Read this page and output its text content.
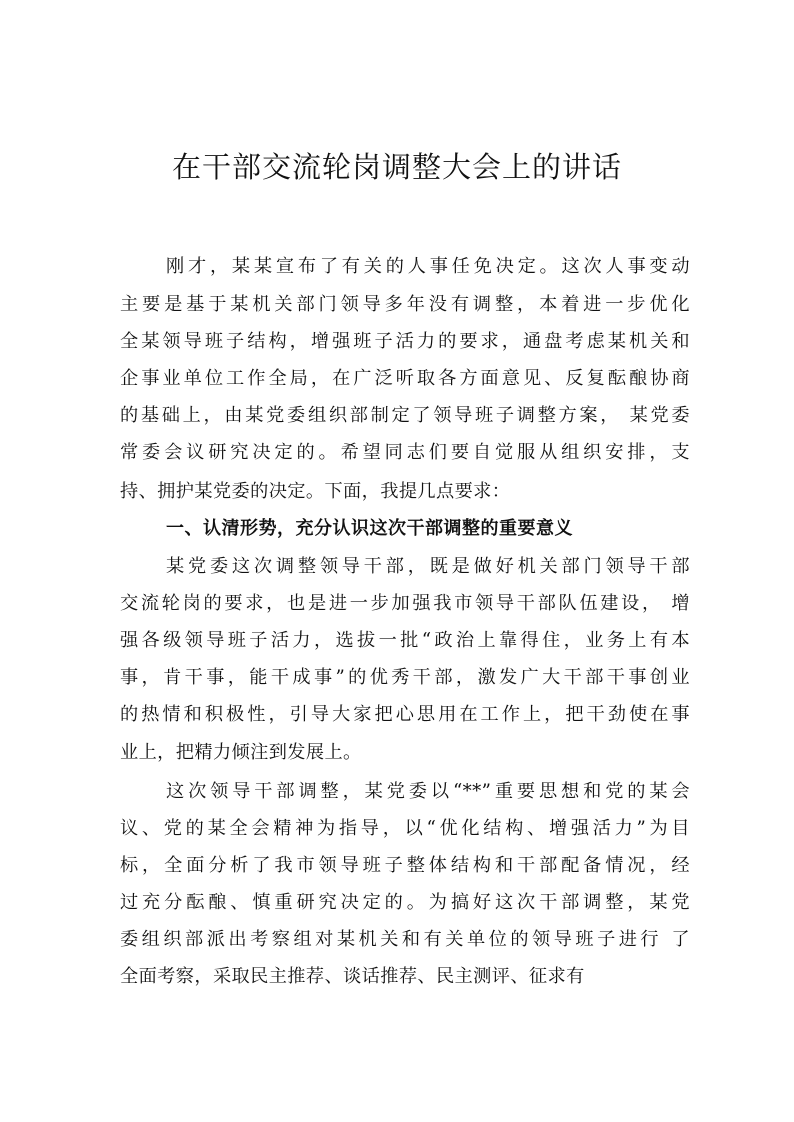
在干部交流轮岗调整大会上的讲话
刚才，某某宣布了有关的人事任免决定。这次人事变动
主要是基于某机关部门领导多年没有调整，本着进一步优化
全某领导班子结构，增强班子活力的要求，通盘考虑某机关和
企事业单位工作全局，在广泛听取各方面意见、反复酝酿协商
的基础上，由某党委组织部制定了领导班子调整方案， 某党委
常委会议研究决定的。希望同志们要自觉服从组织安排，支
持、拥护某党委的决定。下面，我提几点要求：
一、认清形势，充分认识这次干部调整的重要意义
某党委这次调整领导干部，既是做好机关部门领导干部
交流轮岗的要求，也是进一步加强我市领导干部队伍建设， 增
强各级领导班子活力，选拔一批“政治上靠得住，业务上有本
事，肯干事，能干成事”的优秀干部，激发广大干部干事创业
的热情和积极性，引导大家把心思用在工作上，把干劲使在事
业上，把精力倾注到发展上。
这次领导干部调整，某党委以“**”重要思想和党的某会
议、党的某全会精神为指导，以“优化结构、增强活力”为目
标，全面分析了我市领导班子整体结构和干部配备情况，经
过充分酝酿、慎重研究决定的。为搞好这次干部调整，某党
委组织部派出考察组对某机关和有关单位的领导班子进行 了
全面考察，采取民主推荐、谈话推荐、民主测评、征求有
